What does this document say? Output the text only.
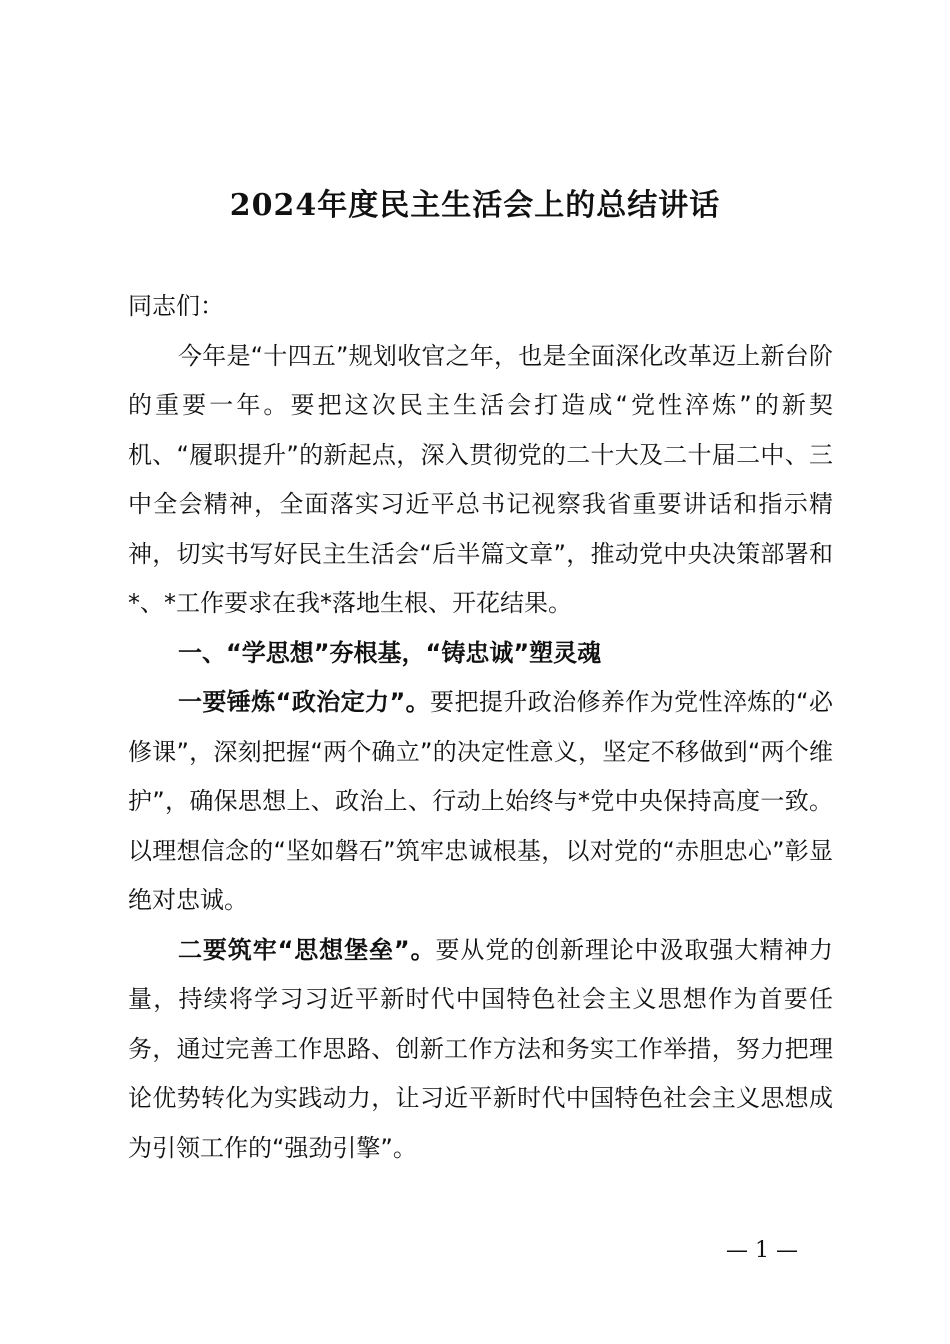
2024年度民主生活会上的总结讲话

同志们：

今年是“十四五”规划收官之年，也是全面深化改革迈上新台阶的重要一年。要把这次民主生活会打造成“党性淬炼”的新契机、“履职提升”的新起点，深入贯彻党的二十大及二十届二中、三中全会精神，全面落实习近平总书记视察我省重要讲话和指示精神，切实书写好民主生活会“后半篇文章”，推动党中央决策部署和*、*工作要求在我*落地生根、开花结果。

一、“学思想”夯根基，“铸忠诚”塑灵魂

一要锤炼“政治定力”。要把提升政治修养作为党性淬炼的“必修课”，深刻把握“两个确立”的决定性意义，坚定不移做到“两个维护”，确保思想上、政治上、行动上始终与*党中央保持高度一致。以理想信念的“坚如磐石”筑牢忠诚根基，以对党的“赤胆忠心”彰显绝对忠诚。

二要筑牢“思想堡垒”。要从党的创新理论中汲取强大精神力量，持续将学习习近平新时代中国特色社会主义思想作为首要任务，通过完善工作思路、创新工作方法和务实工作举措，努力把理论优势转化为实践动力，让习近平新时代中国特色社会主义思想成为引领工作的“强劲引擎”。

— 1 —
